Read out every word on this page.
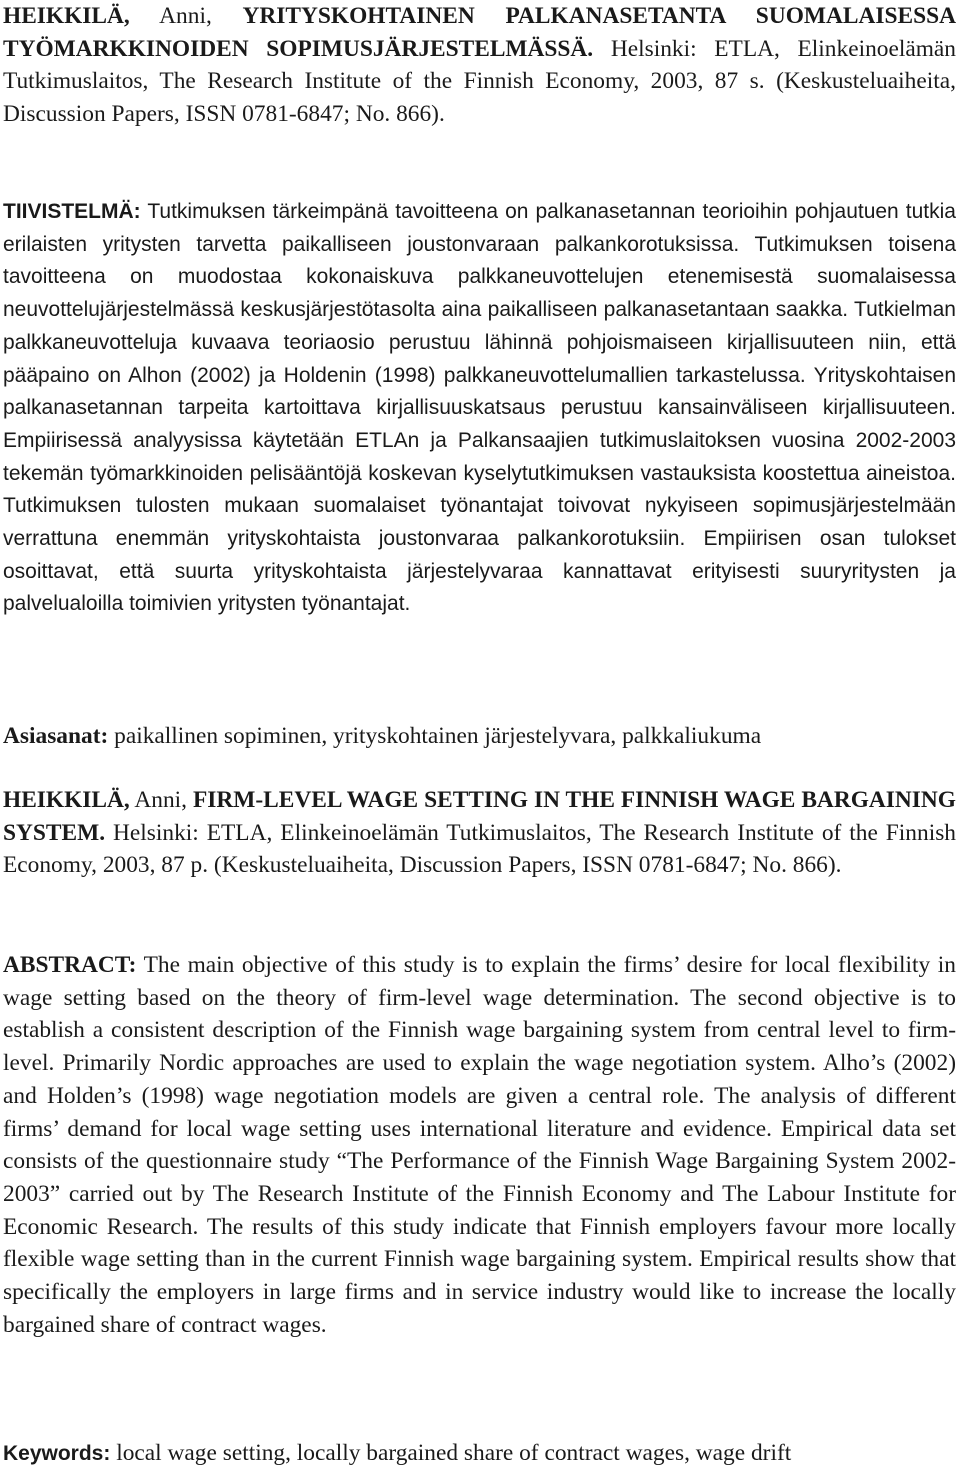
HEIKKILÄ, Anni, YRITYSKOHTAINEN PALKANASETANTA SUOMALAISESSA TYÖMARKKINOIDEN SOPIMUSJÄRJESTELMÄSSÄ. Helsinki: ETLA, Elinkeinoelämän Tutkimuslaitos, The Research Institute of the Finnish Economy, 2003, 87 s. (Keskusteluaiheita, Discussion Papers, ISSN 0781-6847; No. 866).

TIIVISTELMÄ: Tutkimuksen tärkeimpänä tavoitteena on palkanasetannan teorioihin pohjautuen tutkia erilaisten yritysten tarvetta paikalliseen joustonvaraan palkankorotuksissa. Tutkimuksen toisena tavoitteena on muodostaa kokonaiskuva palkkaneuvottelujen etenemisestä suomalaisessa neuvottelujärjestelmässä keskusjärjestötasolta aina paikalliseen palkanasetantaan saakka. Tutkielman palkkaneuvotteluja kuvaava teoriaosio perustuu lähinnä pohjoismaiseen kirjallisuuteen niin, että pääpaino on Alhon (2002) ja Holdenin (1998) palkkaneuvottelumallien tarkastelussa. Yrityskohtaisen palkanasetannan tarpeita kartoittava kirjallisuuskatsaus perustuu kansainväliseen kirjallisuuteen. Empiirisessä analyysissa käytetään ETLAn ja Palkansaajien tutkimuslaitoksen vuosina 2002-2003 tekemän työmarkkinoiden pelisääntöjä koskevan kyselytutkimuksen vastauksista koostettua aineistoa. Tutkimuksen tulosten mukaan suomalaiset työnantajat toivovat nykyiseen sopimusjärjestelmään verrattuna enemmän yrityskohtaista joustonvaraa palkankorotuksiin. Empiirisen osan tulokset osoittavat, että suurta yrityskohtaista järjestelyvaraa kannattavat erityisesti suuryritysten ja palvelualoilla toimivien yritysten työnantajat.

Asiasanat: paikallinen sopiminen, yrityskohtainen järjestelyvara, palkkaliukuma

HEIKKILÄ, Anni, FIRM-LEVEL WAGE SETTING IN THE FINNISH WAGE BARGAINING SYSTEM. Helsinki: ETLA, Elinkeinoelämän Tutkimuslaitos, The Research Institute of the Finnish Economy, 2003, 87 p. (Keskusteluaiheita, Discussion Papers, ISSN 0781-6847; No. 866).

ABSTRACT: The main objective of this study is to explain the firms’ desire for local flexibility in wage setting based on the theory of firm-level wage determination. The second objective is to establish a consistent description of the Finnish wage bargaining system from central level to firm-level. Primarily Nordic approaches are used to explain the wage negotiation system. Alho’s (2002) and Holden’s (1998) wage negotiation models are given a central role. The analysis of different firms’ demand for local wage setting uses international literature and evidence. Empirical data set consists of the questionnaire study “The Performance of the Finnish Wage Bargaining System 2002-2003” carried out by The Research Institute of the Finnish Economy and The Labour Institute for Economic Research. The results of this study indicate that Finnish employers favour more locally flexible wage setting than in the current Finnish wage bargaining system. Empirical results show that specifically the employers in large firms and in service industry would like to increase the locally bargained share of contract wages.

Keywords: local wage setting, locally bargained share of contract wages, wage drift
